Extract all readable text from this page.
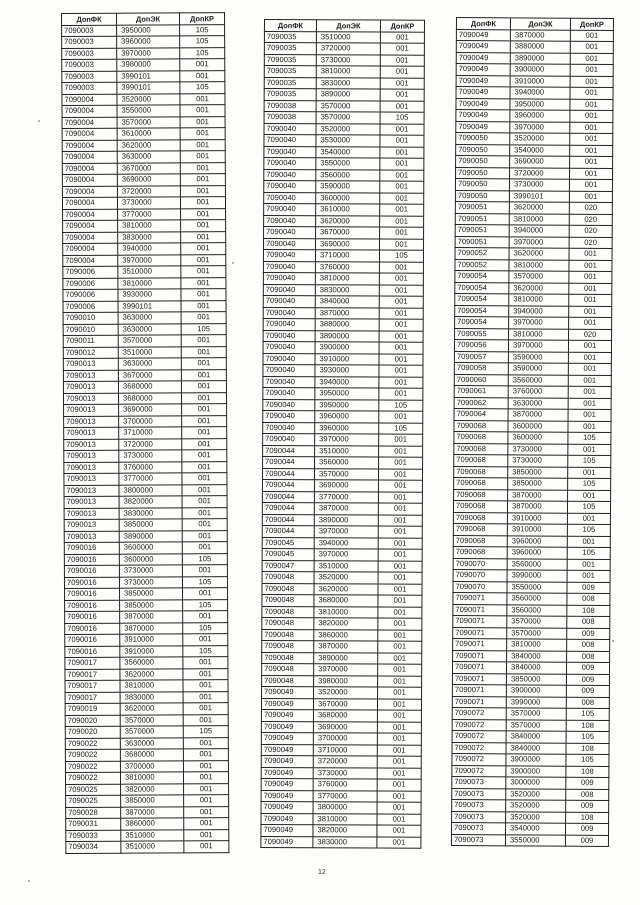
ДопФК	ДопЭК	ДопКР
7090003	3950000	105
7090003	3960000	105
7090003	3970000	105
7090003	3980000	001
7090003	3990101	001
7090003	3990101	105
7090004	3520000	001
7090004	3550000	001
7090004	3570000	001
7090004	3610000	001
7090004	3620000	001
7090004	3630000	001
7090004	3670000	001
7090004	3690000	001
7090004	3720000	001
7090004	3730000	001
7090004	3770000	001
7090004	3810000	001
7090004	3830000	001
7090004	3940000	001
7090004	3970000	001
7090006	3510000	001
7090006	3810000	001
7090006	3930000	001
7090006	3990101	001
7090010	3630000	001
7090010	3630000	105
7090011	3570000	001
7090012	3510000	001
7090013	3630000	001
7090013	3670000	001
7090013	3680000	001
7090013	3680000	001
7090013	3690000	001
7090013	3700000	001
7090013	3710000	001
7090013	3720000	001
7090013	3730000	001
7090013	3760000	001
7090013	3770000	001
7090013	3800000	001
7090013	3820000	001
7090013	3830000	001
7090013	3850000	001
7090013	3890000	001
7090016	3600000	001
7090016	3600000	105
7090016	3730000	001
7090016	3730000	105
7090016	3850000	001
7090016	3850000	105
7090016	3870000	001
7090016	3870000	105
7090016	3910000	001
7090016	3910000	105
7090017	3560000	001
7090017	3620000	001
7090017	3810000	001
7090017	3830000	001
7090019	3620000	001
7090020	3570000	001
7090020	3570000	105
7090022	3630000	001
7090022	3680000	001
7090022	3700000	001
7090022	3810000	001
7090025	3820000	001
7090025	3850000	001
7090028	3870000	001
7090031	3860000	001
7090033	3510000	001
7090034	3510000	001
ДопФК	ДопЭК	ДопКР
7090035	3510000	001
7090035	3720000	001
7090035	3730000	001
7090035	3810000	001
7090035	3830000	001
7090035	3890000	001
7090038	3570000	001
7090038	3570000	105
7090040	3520000	001
7090040	3530000	001
7090040	3540000	001
7090040	3550000	001
7090040	3560000	001
7090040	3590000	001
7090040	3600000	001
7090040	3610000	001
7090040	3620000	001
7090040	3670000	001
7090040	3690000	001
7090040	3710000	105
7090040	3760000	001
7090040	3810000	001
7090040	3830000	001
7090040	3840000	001
7090040	3870000	001
7090040	3880000	001
7090040	3890000	001
7090040	3900000	001
7090040	3910000	001
7090040	3930000	001
7090040	3940000	001
7090040	3950000	001
7090040	3950000	105
7090040	3960000	001
7090040	3960000	105
7090040	3970000	001
7090044	3510000	001
7090044	3560000	001
7090044	3570000	001
7090044	3690000	001
7090044	3770000	001
7090044	3870000	001
7090044	3890000	001
7090044	3970000	001
7090045	3940000	001
7090045	3970000	001
7090047	3510000	001
7090048	3520000	001
7090048	3620000	001
7090048	3680000	001
7090048	3810000	001
7090048	3820000	001
7090048	3860000	001
7090048	3870000	001
7090048	3890000	001
7090048	3970000	001
7090048	3980000	001
7090049	3520000	001
7090049	3670000	001
7090049	3680000	001
7090049	3690000	001
7090049	3700000	001
7090049	3710000	001
7090049	3720000	001
7090049	3730000	001
7090049	3760000	001
7090049	3770000	001
7090049	3800000	001
7090049	3810000	001
7090049	3820000	001
7090049	3830000	001
ДопФК	ДопЭК	ДопКР
7090049	3870000	001
7090049	3880000	001
7090049	3890000	001
7090049	3900000	001
7090049	3910000	001
7090049	3940000	001
7090049	3950000	001
7090049	3960000	001
7090049	3970000	001
7090050	3520000	001
7090050	3540000	001
7090050	3690000	001
7090050	3720000	001
7090050	3730000	001
7090050	3990101	001
7090051	3620000	020
7090051	3810000	020
7090051	3940000	020
7090051	3970000	020
7090052	3620000	001
7090052	3810000	001
7090054	3570000	001
7090054	3620000	001
7090054	3810000	001
7090054	3940000	001
7090054	3970000	001
7090055	3810000	020
7090056	3970000	001
7090057	3590000	001
7090058	3590000	001
7090060	3560000	001
7090061	3760000	001
7090062	3630000	001
7090064	3870000	001
7090068	3600000	001
7090068	3600000	105
7090068	3730000	001
7090068	3730000	105
7090068	3850000	001
7090068	3850000	105
7090068	3870000	001
7090068	3870000	105
7090068	3910000	001
7090068	3910000	105
7090068	3960000	001
7090068	3960000	105
7090070	3560000	001
7090070	3990000	001
7090070	3550000	009
7090071	3560000	008
7090071	3560000	108
7090071	3570000	008
7090071	3570000	009
7090071	3810000	008
7090071	3840000	008
7090071	3840000	009
7090071	3850000	009
7090071	3900000	009
7090071	3990000	008
7090072	3570000	105
7090072	3570000	108
7090072	3840000	105
7090072	3840000	108
7090072	3900000	105
7090072	3900000	108
7090073	3000000	009
7090073	3520000	008
7090073	3520000	009
7090073	3520000	108
7090073	3540000	009
7090073	3550000	009
12
